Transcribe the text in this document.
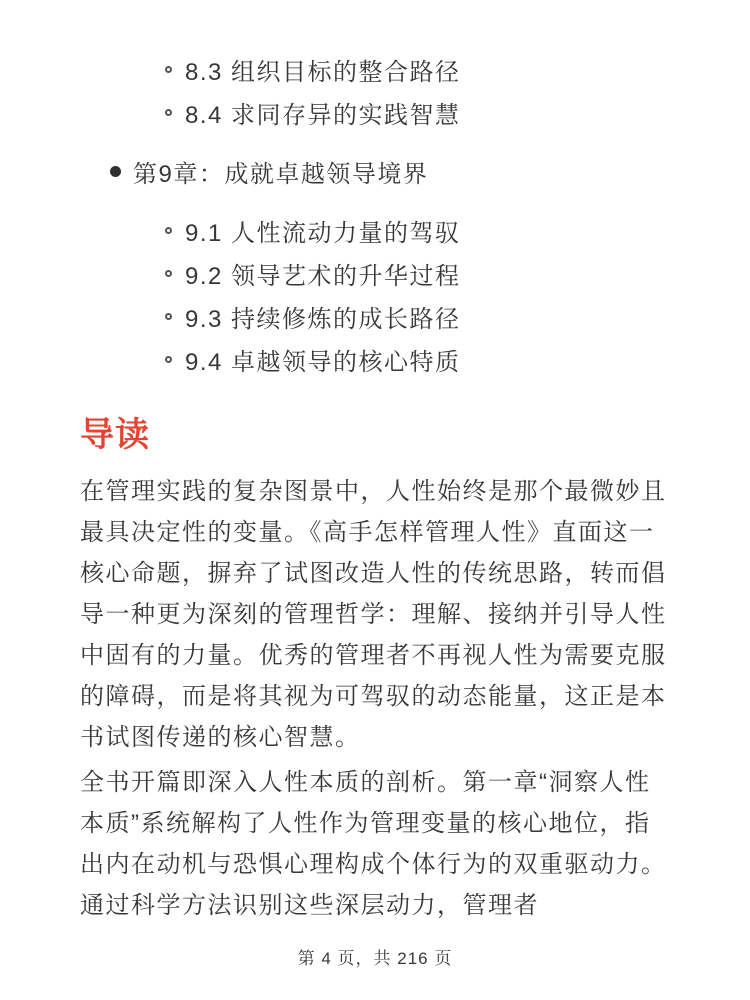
8.3 组织目标的整合路径
8.4 求同存异的实践智慧
第9章：成就卓越领导境界
9.1 人性流动力量的驾驭
9.2 领导艺术的升华过程
9.3 持续修炼的成长路径
9.4 卓越领导的核心特质
导读

在管理实践的复杂图景中，人性始终是那个最微妙且最具决定性的变量。《高手怎样管理人性》直面这一核心命题，摒弃了试图改造人性的传统思路，转而倡导一种更为深刻的管理哲学：理解、接纳并引导人性中固有的力量。优秀的管理者不再视人性为需要克服的障碍，而是将其视为可驾驭的动态能量，这正是本书试图传递的核心智慧。

全书开篇即深入人性本质的剖析。第一章“洞察人性本质”系统解构了人性作为管理变量的核心地位，指出内在动机与恐惧心理构成个体行为的双重驱动力。通过科学方法识别这些深层动力，管理者

第 4 页，共 216 页
